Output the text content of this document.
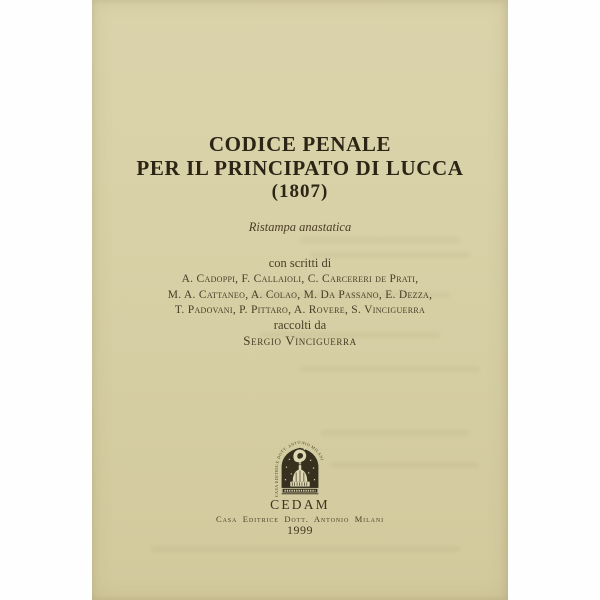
CODICE PENALE
PER IL PRINCIPATO DI LUCCA
(1807)
Ristampa anastatica
con scritti di
A. Cadoppi, F. Callaioli, C. Carcereri de Prati,
M. A. Cattaneo, A. Colao, M. Da Passano, E. Dezza,
T. Padovani, P. Pittaro, A. Rovere, S. Vinciguerra
raccolti da
Sergio Vinciguerra
CASA EDITRICE DOTT. ANTONIO MILANI
CEDAM
Casa Editrice Dott. Antonio Milani
1999
